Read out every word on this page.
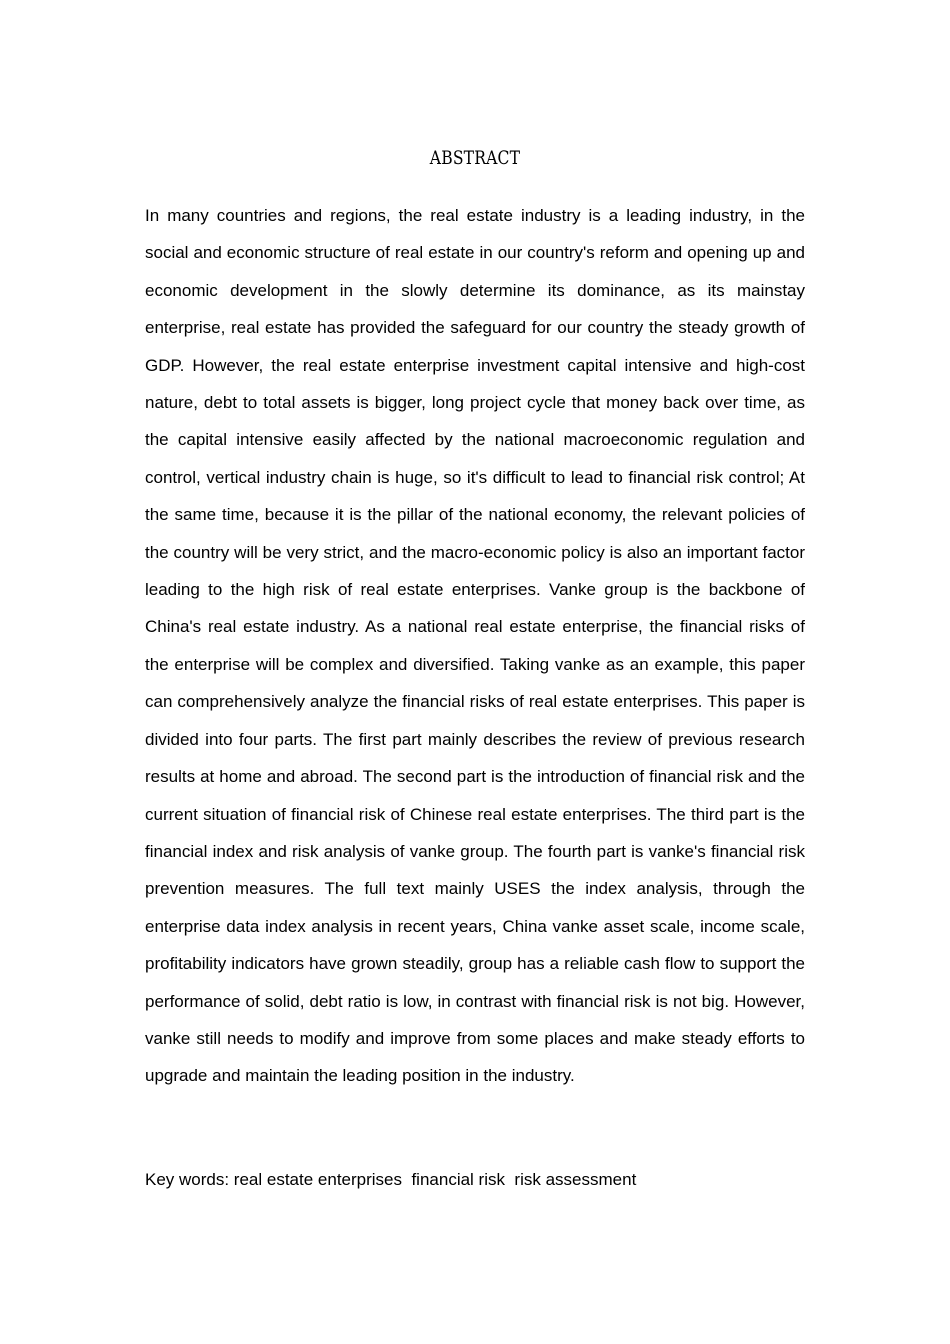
ABSTRACT

In many countries and regions, the real estate industry is a leading industry, in the social and economic structure of real estate in our country's reform and opening up and economic development in the slowly determine its dominance, as its mainstay enterprise, real estate has provided the safeguard for our country the steady growth of GDP. However, the real estate enterprise investment capital intensive and high-cost nature, debt to total assets is bigger, long project cycle that money back over time, as the capital intensive easily affected by the national macroeconomic regulation and control, vertical industry chain is huge, so it's difficult to lead to financial risk control; At the same time, because it is the pillar of the national economy, the relevant policies of the country will be very strict, and the macro-economic policy is also an important factor leading to the high risk of real estate enterprises. Vanke group is the backbone of China's real estate industry. As a national real estate enterprise, the financial risks of the enterprise will be complex and diversified. Taking vanke as an example, this paper can comprehensively analyze the financial risks of real estate enterprises. This paper is divided into four parts. The first part mainly describes the review of previous research results at home and abroad. The second part is the introduction of financial risk and the current situation of financial risk of Chinese real estate enterprises. The third part is the financial index and risk analysis of vanke group. The fourth part is vanke's financial risk prevention measures. The full text mainly USES the index analysis, through the enterprise data index analysis in recent years, China vanke asset scale, income scale, profitability indicators have grown steadily, group has a reliable cash flow to support the performance of solid, debt ratio is low, in contrast with financial risk is not big. However, vanke still needs to modify and improve from some places and make steady efforts to upgrade and maintain the leading position in the industry.

Key words: real estate enterprises  financial risk  risk assessment
